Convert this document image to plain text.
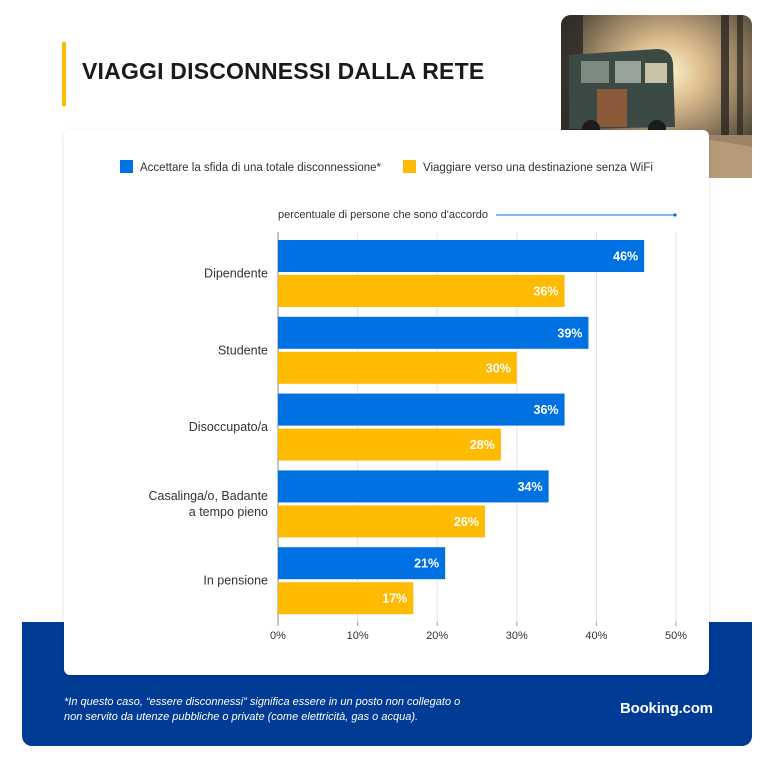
VIAGGI DISCONNESSI DALLA RETE
Accettare la sfida di una totale disconnessione*	Viaggiare verso una destinazione senza WiFi
percentuale di persone che sono d'accordo
0%	10%	20%	30%	40%	50%
46%
36%
Dipendente
39%
30%
Studente
36%
28%
Disoccupato/a
34%
26%
Casalinga/o, Badante
a tempo pieno
21%
17%
In pensione
*In questo caso, “essere disconnessi” significa essere in un posto non collegato o
non servito da utenze pubbliche o private (come elettricità, gas o acqua).	Booking.com
